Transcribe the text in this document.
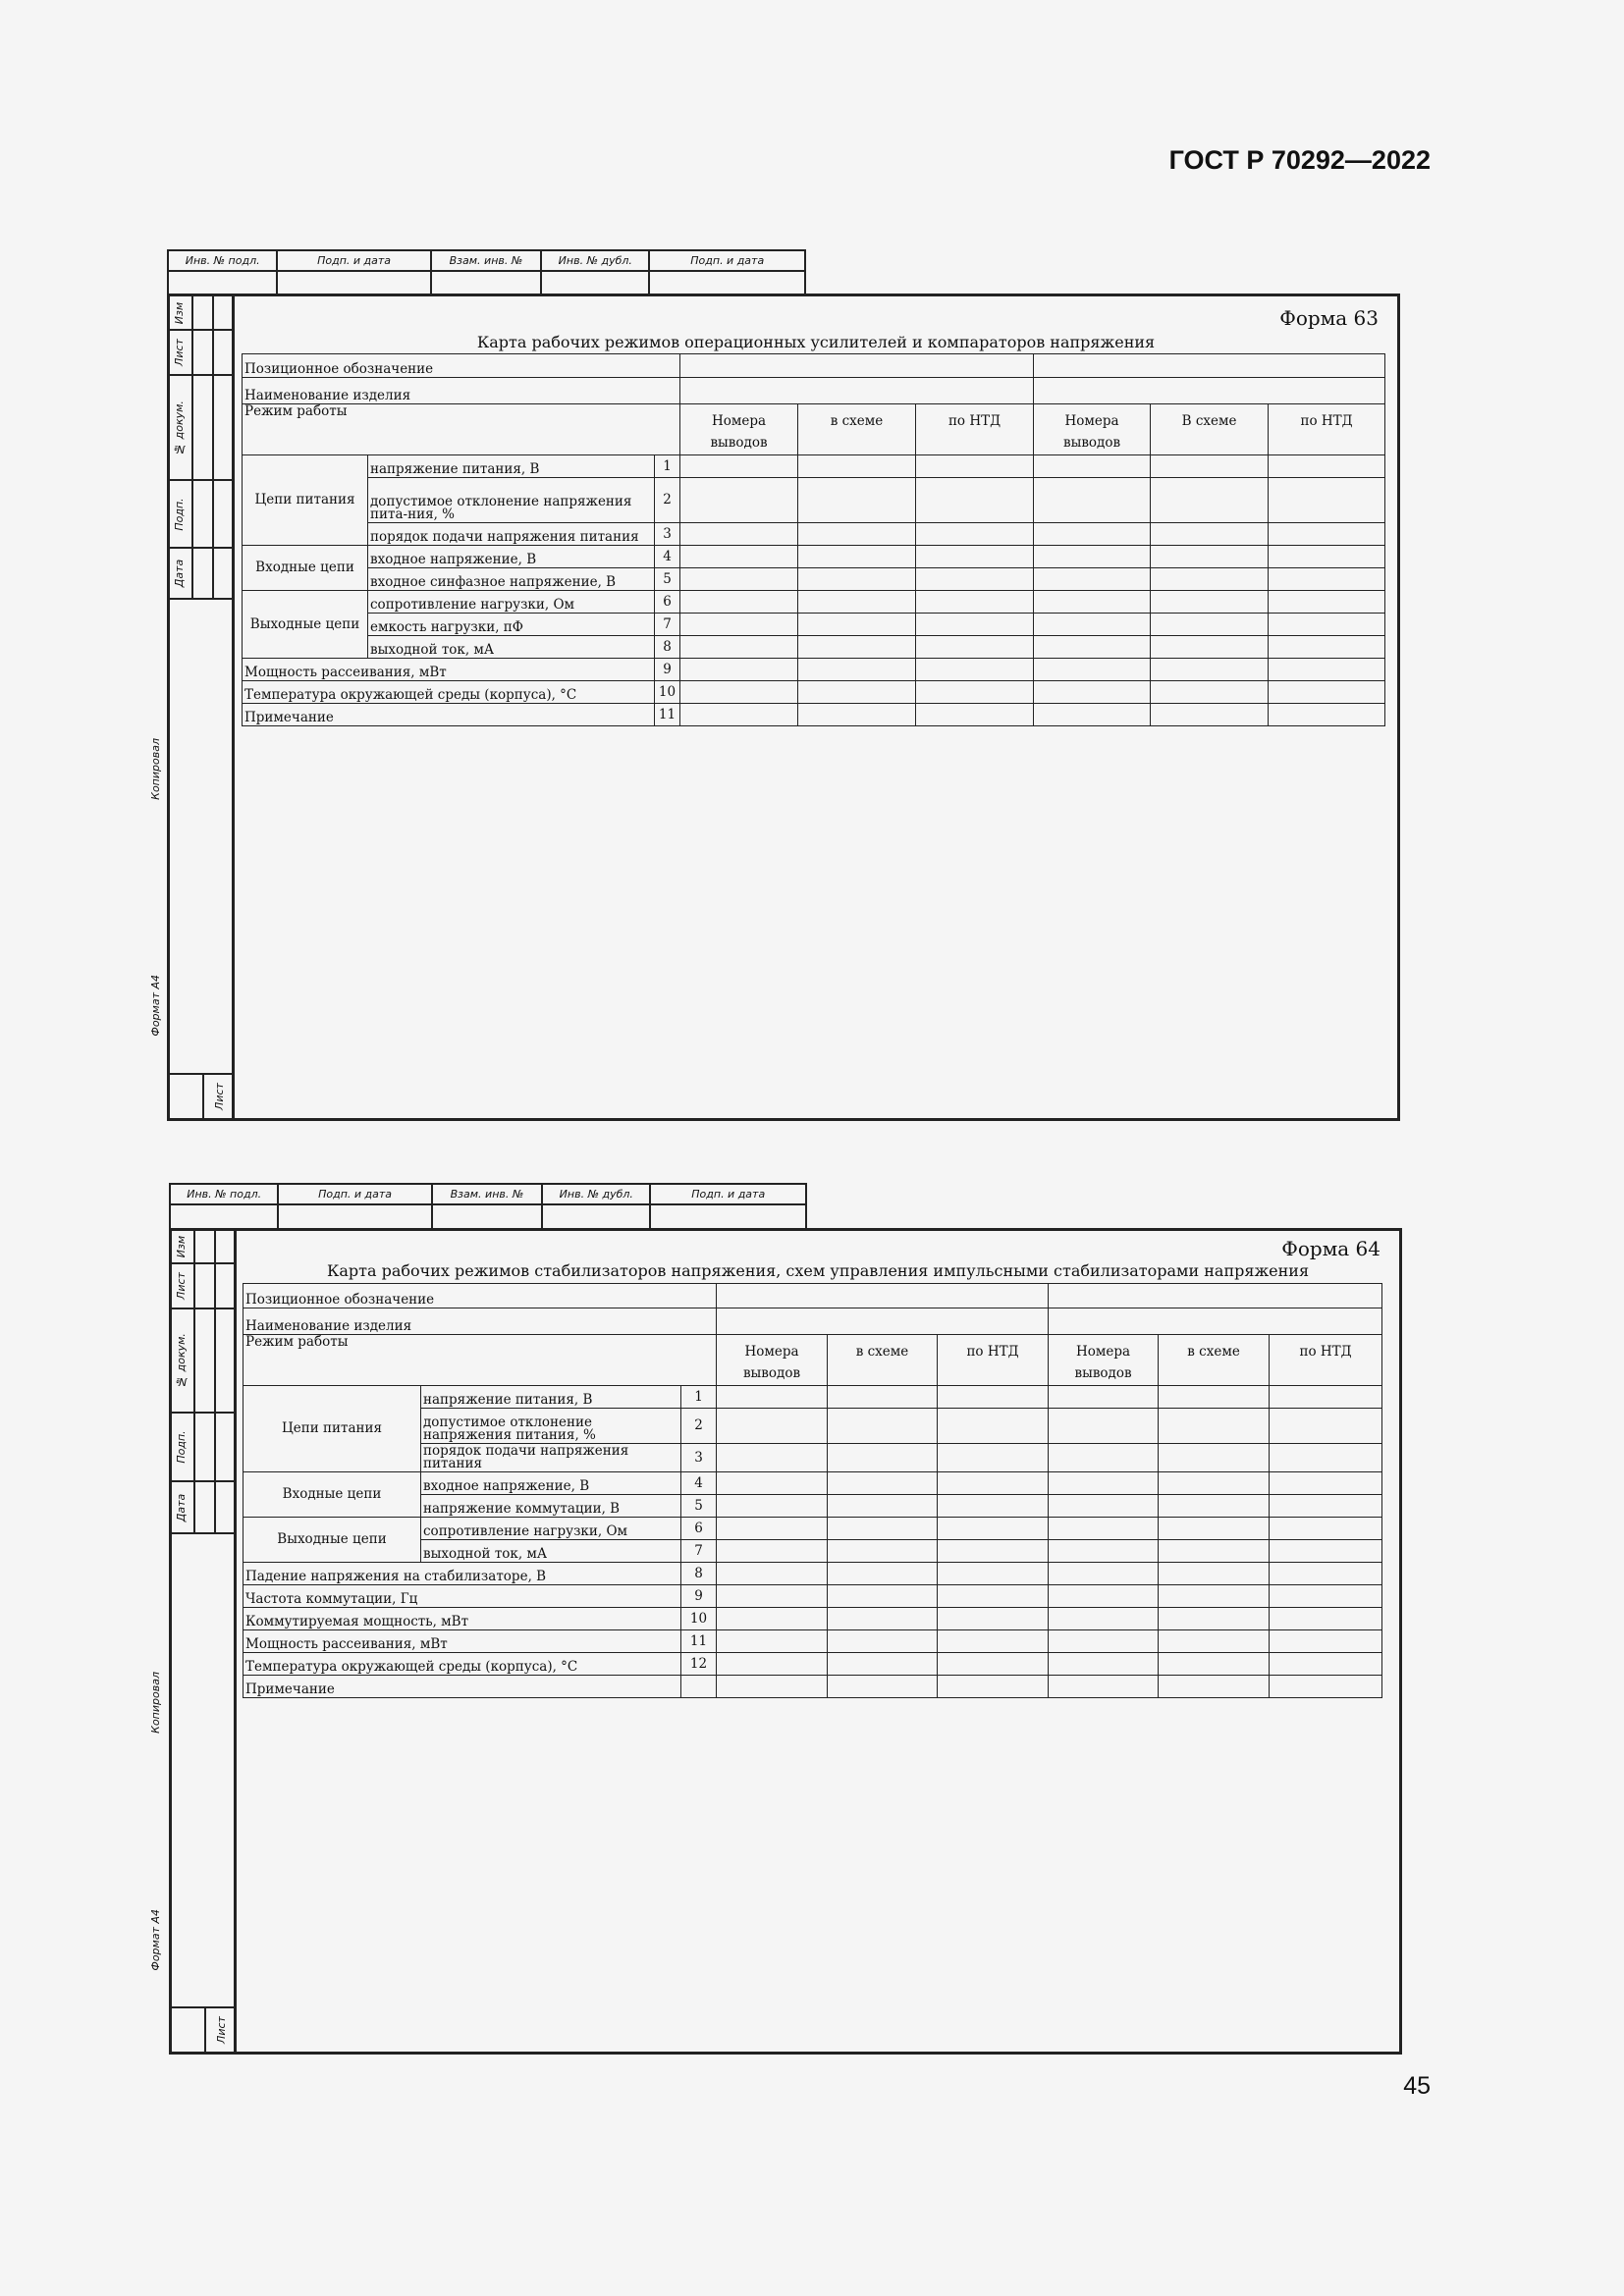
ГОСТ Р 70292—2022
Инв. № подл.	Подп. и дата	Взам. инв. №	Инв. № дубл.	Подп. и дата

Изм
Лист
№ докум.
Подп.
Дата
Лист
Форма 63
Карта рабочих режимов операционных усилителей и компараторов напряжения
Позиционное обозначение								
Наименование изделия								
Режим работы			Номера выводов	в схеме	по НТД	Номера выводов	В схеме	по НТД
Цепи питания	напряжение питания, В	1						
	допустимое отклонение напряжения пита-ния, %	2						
	порядок подачи напряжения питания	3						
Входные цепи	входное напряжение, В	4						
	входное синфазное напряжение, В	5						
Выходные цепи	сопротивление нагрузки, Ом	6						
	емкость нагрузки, пФ	7						
	выходной ток, мА	8						
Мощность рассеивания, мВт		9						
Температура окружающей среды (корпуса), °С		10						
Примечание		11						
Копировал
Формат А4
Инв. № подл.	Подп. и дата	Взам. инв. №	Инв. № дубл.	Подп. и дата

Изм
Лист
№ докум.
Подп.
Дата
Лист
Форма 64
Карта рабочих режимов стабилизаторов напряжения, схем управления импульсными стабилизаторами напряжения
Позиционное обозначение								
Наименование изделия								
Режим работы			Номера выводов	в схеме	по НТД	Номера выводов	в схеме	по НТД
Цепи питания	напряжение питания, В	1						
	допустимое отклонение напряжения питания, %	2						
	порядок подачи напряжения питания	3						
Входные цепи	входное напряжение, В	4						
	напряжение коммутации, В	5						
Выходные цепи	сопротивление нагрузки, Ом	6						
	выходной ток, мА	7						
Падение напряжения на стабилизаторе, В		8						
Частота коммутации, Гц		9						
Коммутируемая мощность, мВт		10						
Мощность рассеивания, мВт		11						
Температура окружающей среды (корпуса), °С		12						
Примечание								
Копировал
Формат А4
45
